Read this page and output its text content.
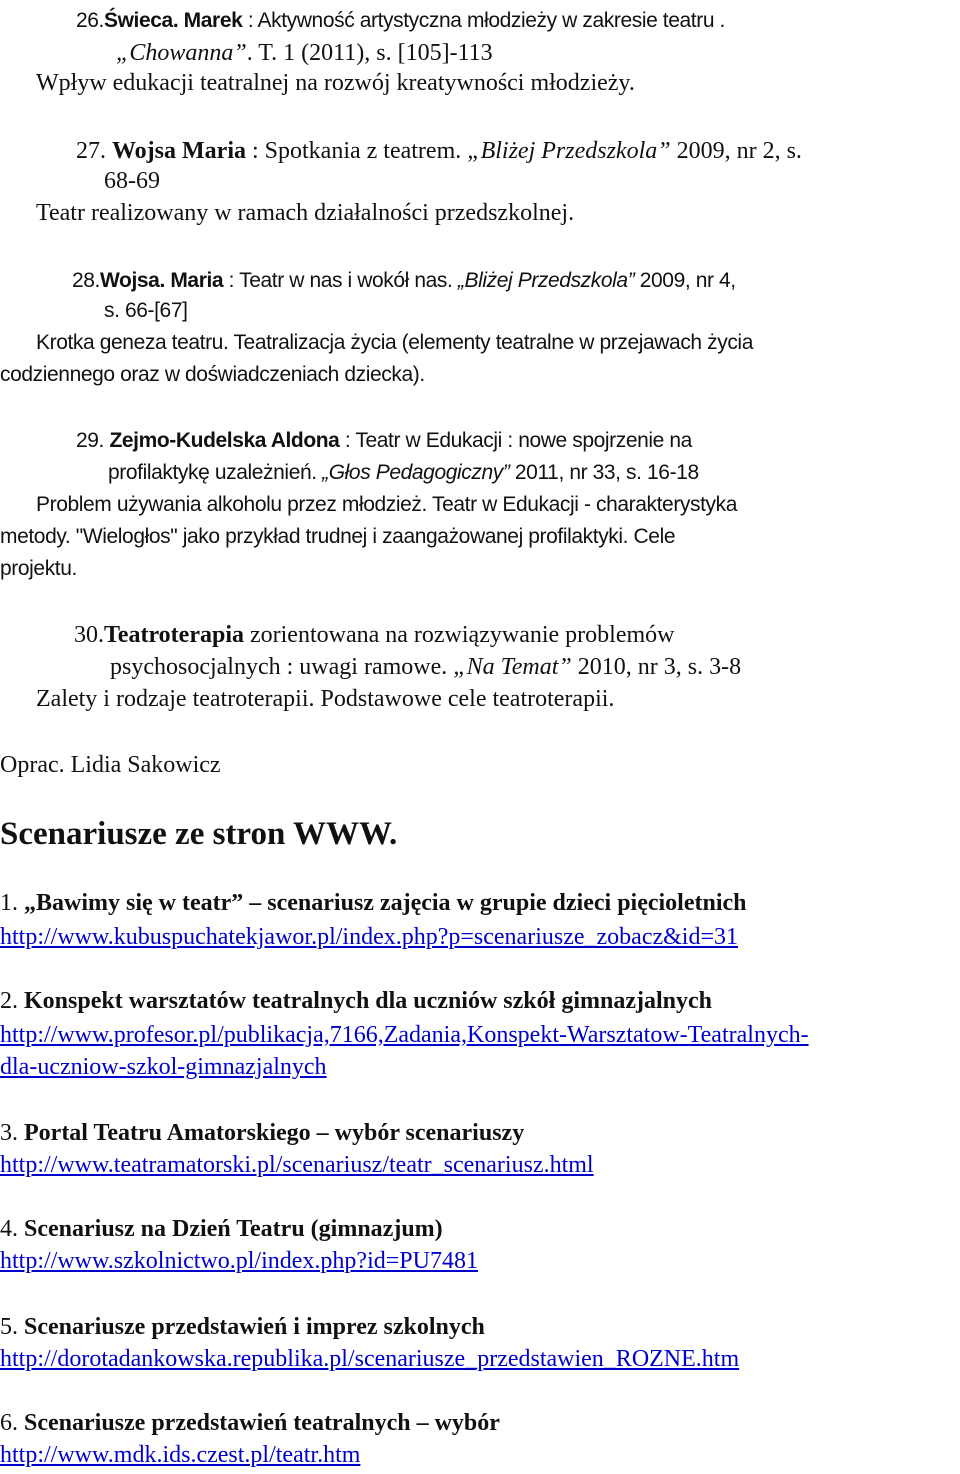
26.Świeca. Marek : Aktywność artystyczna młodzieży w zakresie teatru .
„Chowanna”. T. 1 (2011), s. [105]-113
Wpływ edukacji teatralnej na rozwój kreatywności młodzieży.
27. Wojsa Maria : Spotkania z teatrem. „Bliżej Przedszkola” 2009, nr 2, s.
68-69
Teatr realizowany w ramach działalności przedszkolnej.
28.Wojsa. Maria : Teatr w nas i wokół nas. „Bliżej Przedszkola” 2009, nr 4,
s. 66-[67]
Krotka geneza teatru. Teatralizacja życia (elementy teatralne w przejawach życia
codziennego oraz w doświadczeniach dziecka).
29. Zejmo-Kudelska Aldona : Teatr w Edukacji : nowe spojrzenie na
profilaktykę uzależnień. „Głos Pedagogiczny” 2011, nr 33, s. 16-18
Problem używania alkoholu przez młodzież. Teatr w Edukacji - charakterystyka
metody. "Wielogłos" jako przykład trudnej i zaangażowanej profilaktyki. Cele
projektu.
30.Teatroterapia zorientowana na rozwiązywanie problemów
psychosocjalnych : uwagi ramowe. „Na Temat” 2010, nr 3, s. 3-8
Zalety i rodzaje teatroterapii. Podstawowe cele teatroterapii.
Oprac. Lidia Sakowicz
Scenariusze ze stron WWW.
1. „Bawimy się w teatr” – scenariusz zajęcia w grupie dzieci pięcioletnich
http://www.kubuspuchatekjawor.pl/index.php?p=scenariusze_zobacz&id=31
2. Konspekt warsztatów teatralnych dla uczniów szkół gimnazjalnych
http://www.profesor.pl/publikacja,7166,Zadania,Konspekt-Warsztatow-Teatralnych-
dla-uczniow-szkol-gimnazjalnych
3. Portal Teatru Amatorskiego – wybór scenariuszy
http://www.teatramatorski.pl/scenariusz/teatr_scenariusz.html
4. Scenariusz na Dzień Teatru (gimnazjum)
http://www.szkolnictwo.pl/index.php?id=PU7481
5. Scenariusze przedstawień i imprez szkolnych
http://dorotadankowska.republika.pl/scenariusze_przedstawien_ROZNE.htm
6. Scenariusze przedstawień teatralnych – wybór
http://www.mdk.ids.czest.pl/teatr.htm
